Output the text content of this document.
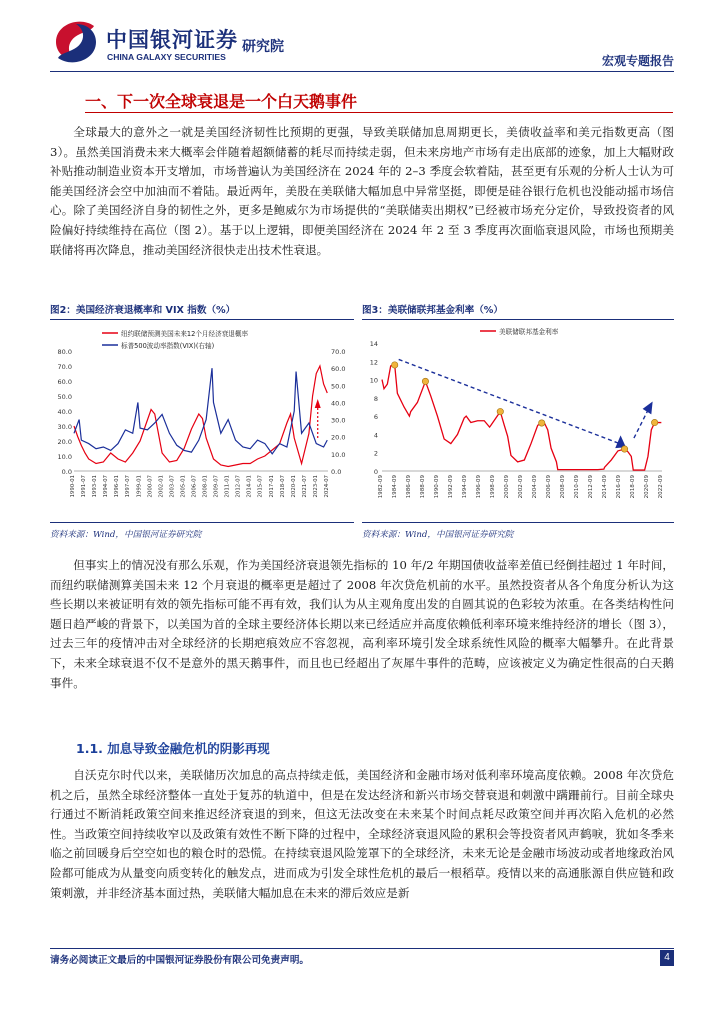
中国银河证券
CHINA GALAXY SECURITIES
研究院
宏观专题报告
一、下一次全球衰退是一个白天鹅事件

全球最大的意外之一就是美国经济韧性比预期的更强，导致美联储加息周期更长，美债收益率和美元指数更高（图 3）。虽然美国消费未来大概率会伴随着超额储蓄的耗尽而持续走弱，但未来房地产市场有走出底部的迹象，加上大幅财政补贴推动制造业资本开支增加，市场普遍认为美国经济在 2024 年的 2–3 季度会软着陆，甚至更有乐观的分析人士认为可能美国经济会空中加油而不着陆。最近两年，美股在美联储大幅加息中异常坚挺，即便是硅谷银行危机也没能动摇市场信心。除了美国经济自身的韧性之外，更多是鲍威尔为市场提供的“美联储卖出期权”已经被市场充分定价，导致投资者的风险偏好持续维持在高位（图 2）。基于以上逻辑，即便美国经济在 2024 年 2 至 3 季度再次面临衰退风险，市场也预期美联储将再次降息，推动美国经济很快走出技术性衰退。

图2：美国经济衰退概率和 VIX 指数（%）
80.0
70.0
60.0
50.0
40.0
30.0
20.0
10.0
0.0
70.0
60.0
50.0
40.0
30.0
20.0
10.0
0.0
1990-01 1991-07 1993-01 1994-07 1996-01 1997-07 1999-01 2000-07 2002-01 2003-07 2005-01 2006-07 2008-01 2009-07 2011-01 2012-07 2014-01 2015-07 2017-01 2018-07 2020-01 2021-07 2023-01 2024-07
纽约联储预测美国未来12个月经济衰退概率
标普500波动率指数(VIX)(右轴)
资料来源：Wind，中国银河证券研究院
图3：美联储联邦基金利率（%）
14
12
10
8
6
4
2
0
1982-09 1984-09 1986-09 1988-09 1990-09 1992-09 1994-09 1996-09 1998-09 2000-09 2002-09 2004-09 2006-09 2008-09 2010-09 2012-09 2014-09 2016-09 2018-09 2020-09 2022-09
美联储联邦基金利率
资料来源：Wind，中国银河证券研究院

但事实上的情况没有那么乐观，作为美国经济衰退领先指标的 10 年/2 年期国债收益率差值已经倒挂超过 1 年时间，而纽约联储测算美国未来 12 个月衰退的概率更是超过了 2008 年次贷危机前的水平。虽然投资者从各个角度分析认为这些长期以来被证明有效的领先指标可能不再有效，我们认为从主观角度出发的自圆其说的色彩较为浓重。在各类结构性问题日趋严峻的背景下，以美国为首的全球主要经济体长期以来已经适应并高度依赖低利率环境来维持经济的增长（图 3），过去三年的疫情冲击对全球经济的长期疤痕效应不容忽视，高利率环境引发全球系统性风险的概率大幅攀升。在此背景下，未来全球衰退不仅不是意外的黑天鹅事件，而且也已经超出了灰犀牛事件的范畴，应该被定义为确定性很高的白天鹅事件。

1.1. 加息导致金融危机的阴影再现

自沃克尔时代以来，美联储历次加息的高点持续走低，美国经济和金融市场对低利率环境高度依赖。2008 年次贷危机之后，虽然全球经济整体一直处于复苏的轨道中，但是在发达经济和新兴市场交替衰退和刺激中蹒跚前行。目前全球央行通过不断消耗政策空间来推迟经济衰退的到来，但这无法改变在未来某个时间点耗尽政策空间并再次陷入危机的必然性。当政策空间持续收窄以及政策有效性不断下降的过程中，全球经济衰退风险的累积会等投资者风声鹤唳，犹如冬季来临之前回暖身后空空如也的粮仓时的恐慌。在持续衰退风险笼罩下的全球经济，未来无论是金融市场波动或者地缘政治风险都可能成为从量变向质变转化的触发点，进而成为引发全球性危机的最后一根稻草。疫情以来的高通胀源自供应链和政策刺激，并非经济基本面过热，美联储大幅加息在未来的滞后效应是新

请务必阅读正文最后的中国银河证券股份有限公司免责声明。	4
